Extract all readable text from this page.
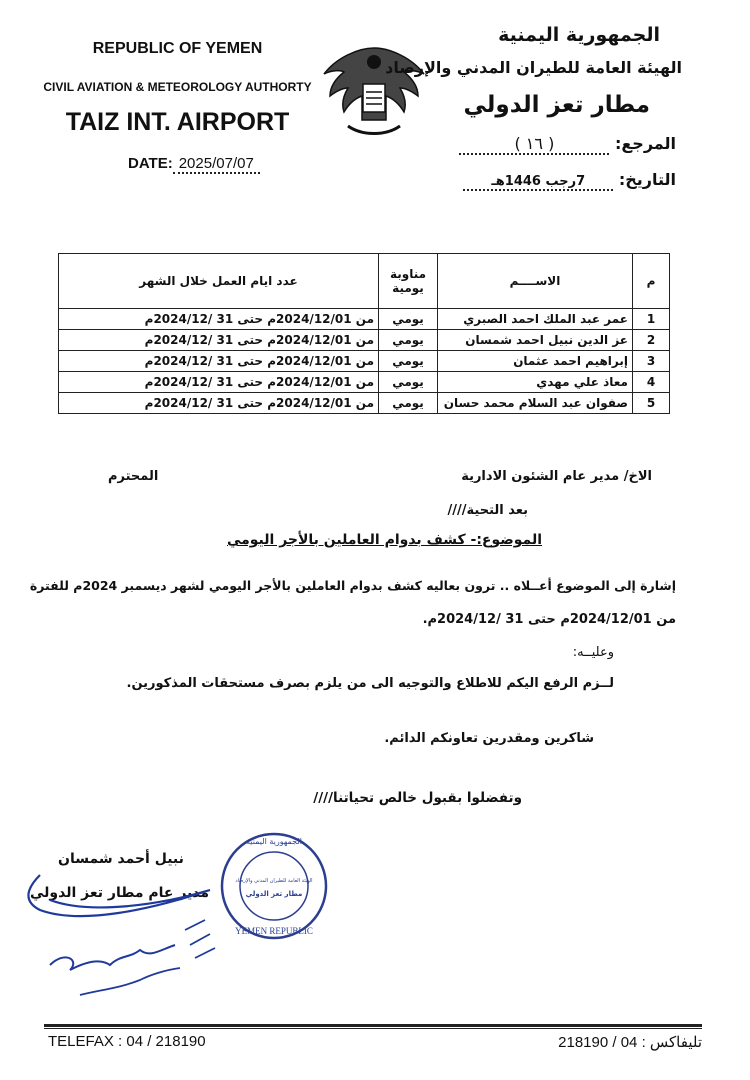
REPUBLIC OF YEMEN
CIVIL AVIATION & METEOROLOGY AUTHORTY
TAIZ INT. AIRPORT
DATE: 2025/07/07
الجمهورية اليمنية
الهيئة العامة للطيران المدني والإرصاد
مطار تعز الدولي
المرجع: ( ١٦ )
التاريخ: 7رجب 1446هـ
م	الاســــم	مناوبة يومية	عدد ايام العمل خلال الشهر
1	عمر عبد الملك احمد الصبري	يومي	من 2024/12/01م حتى 31 /2024/12م
2	عز الدين نبيل احمد شمسان	يومي	من 2024/12/01م حتى 31 /2024/12م
3	إبراهيم احمد عثمان	يومي	من 2024/12/01م حتى 31 /2024/12م
4	معاذ علي مهدي	يومي	من 2024/12/01م حتى 31 /2024/12م
5	صفوان عبد السلام محمد حسان	يومي	من 2024/12/01م حتى 31 /2024/12م
الاخ/ مدير عام الشئون الادارية
المحترم
بعد التحية////
الموضوع:- كشف بدوام العاملين بالأجر اليومي
إشارة إلى الموضوع أعــلاه .. ترون بعاليه كشف بدوام العاملين بالأجر اليومي لشهر ديسمبر 2024م للفترة
من 2024/12/01م حتى 31 /2024/12م.
وعليــه:
لــزم الرفع اليكم للاطلاع والتوجيه الى من يلزم بصرف مستحقات المذكورين.
شاكرين ومقدرين تعاونكم الدائم.
وتفضلوا بقبول خالص تحياتنا////
نبيل أحمد شمسان
مدير عام مطار تعز الدولي
الجمهورية اليمنية
الهيئة العامة للطيران المدني والإرصاد
مطار تعز الدولي
YEMEN REPUBLIC
TELEFAX : 04 / 218190	تليفاكس : 04 / 218190
